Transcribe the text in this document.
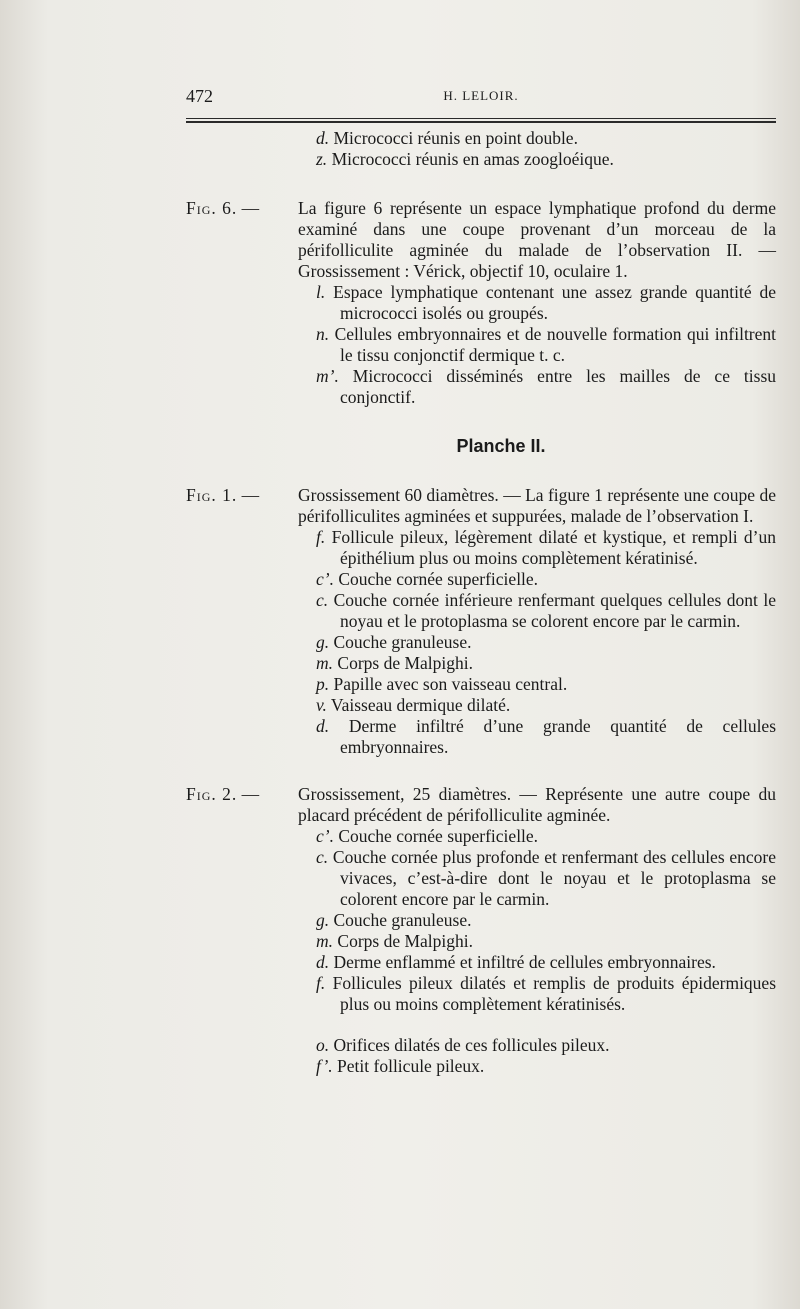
472	H. LELOIR.
d. Micrococci réunis en point double.
z. Micrococci réunis en amas zoogloéique.
Fig. 6. — La figure 6 représente un espace lymphatique profond du derme examiné dans une coupe provenant d’un morceau de la périfolliculite agminée du malade de l’observation II. — Grossissement : Vérick, objectif 10, oculaire 1.
l. Espace lymphatique contenant une assez grande quantité de micrococci isolés ou groupés.
n. Cellules embryonnaires et de nouvelle formation qui infiltrent le tissu conjonctif dermique t. c.
m’. Micrococci disséminés entre les mailles de ce tissu conjonctif.
Planche II.
Fig. 1. — Grossissement 60 diamètres. — La figure 1 représente une coupe de périfolliculites agminées et suppurées, malade de l’observation I.
f. Follicule pileux, légèrement dilaté et kystique, et rempli d’un épithélium plus ou moins complètement kératinisé.
c’. Couche cornée superficielle.
c. Couche cornée inférieure renfermant quelques cellules dont le noyau et le protoplasma se colorent encore par le carmin.
g. Couche granuleuse.
m. Corps de Malpighi.
p. Papille avec son vaisseau central.
v. Vaisseau dermique dilaté.
d. Derme infiltré d’une grande quantité de cellules embryonnaires.
Fig. 2. — Grossissement, 25 diamètres. — Représente une autre coupe du placard précédent de périfolliculite agminée.
c’. Couche cornée superficielle.
c. Couche cornée plus profonde et renfermant des cellules encore vivaces, c’est-à-dire dont le noyau et le protoplasma se colorent encore par le carmin.
g. Couche granuleuse.
m. Corps de Malpighi.
d. Derme enflammé et infiltré de cellules embryonnaires.
f. Follicules pileux dilatés et remplis de produits épidermiques plus ou moins complètement kératinisés.
o. Orifices dilatés de ces follicules pileux.
f’. Petit follicule pileux.
